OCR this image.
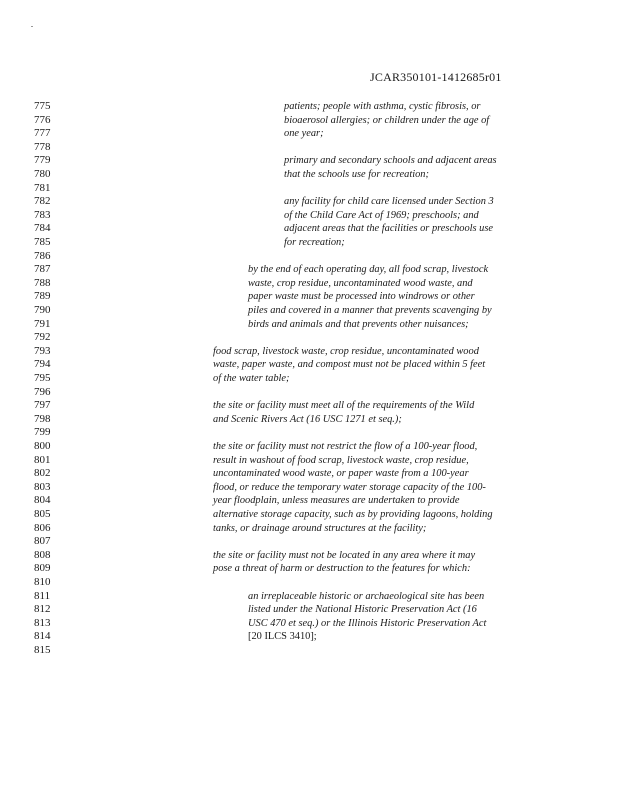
JCAR350101-1412685r01
775
776
777
778
779
780
781
782
783
784
785
786
787
788
789
790
791
792
793
794
795
796
797
798
799
800
801
802
803
804
805
806
807
808
809
810
811
812
813
814
815
patients; people with asthma, cystic fibrosis, or
bioaerosol allergies; or children under the age of
one year;
primary and secondary schools and adjacent areas
that the schools use for recreation;
any facility for child care licensed under Section 3
of the Child Care Act of 1969; preschools; and
adjacent areas that the facilities or preschools use
for recreation;
by the end of each operating day, all food scrap, livestock
waste, crop residue, uncontaminated wood waste, and
paper waste must be processed into windrows or other
piles and covered in a manner that prevents scavenging by
birds and animals and that prevents other nuisances;
food scrap, livestock waste, crop residue, uncontaminated wood
waste, paper waste, and compost must not be placed within 5 feet
of the water table;
the site or facility must meet all of the requirements of the Wild
and Scenic Rivers Act (16 USC 1271 et seq.);
the site or facility must not restrict the flow of a 100-year flood,
result in washout of food scrap, livestock waste, crop residue,
uncontaminated wood waste, or paper waste from a 100-year
flood, or reduce the temporary water storage capacity of the 100-
year floodplain, unless measures are undertaken to provide
alternative storage capacity, such as by providing lagoons, holding
tanks, or drainage around structures at the facility;
the site or facility must not be located in any area where it may
pose a threat of harm or destruction to the features for which:
an irreplaceable historic or archaeological site has been
listed under the National Historic Preservation Act (16
USC 470 et seq.) or the Illinois Historic Preservation Act
[20 ILCS 3410];
